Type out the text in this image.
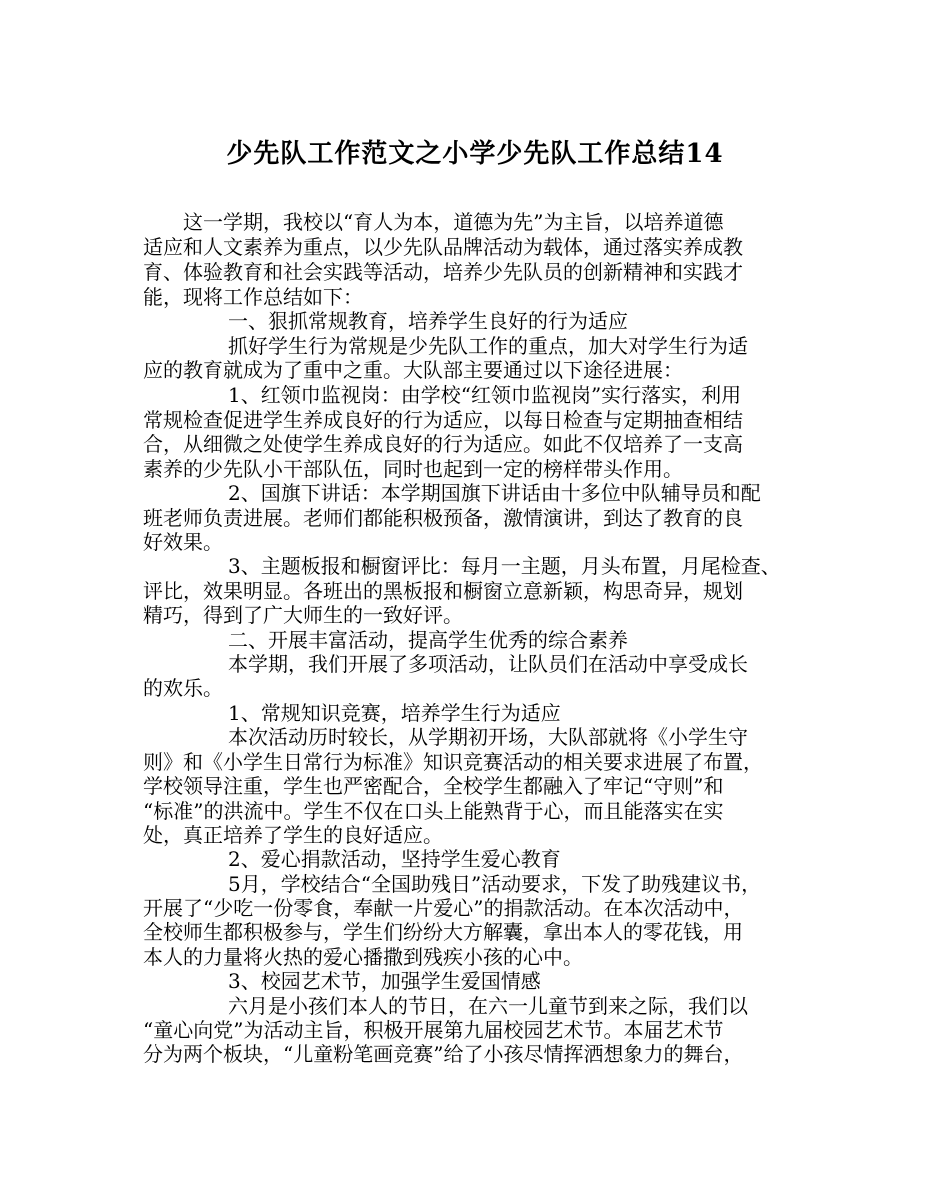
少先队工作范文之小学少先队工作总结14
这一学期，我校以“育人为本，道德为先”为主旨，以培养道德
适应和人文素养为重点，以少先队品牌活动为载体，通过落实养成教
育、体验教育和社会实践等活动，培养少先队员的创新精神和实践才
能，现将工作总结如下：
一、狠抓常规教育，培养学生良好的行为适应
抓好学生行为常规是少先队工作的重点，加大对学生行为适
应的教育就成为了重中之重。大队部主要通过以下途径进展：
1、红领巾监视岗：由学校“红领巾监视岗”实行落实，利用
常规检查促进学生养成良好的行为适应，以每日检查与定期抽查相结
合，从细微之处使学生养成良好的行为适应。如此不仅培养了一支高
素养的少先队小干部队伍，同时也起到一定的榜样带头作用。
2、国旗下讲话：本学期国旗下讲话由十多位中队辅导员和配
班老师负责进展。老师们都能积极预备，激情演讲，到达了教育的良
好效果。
3、主题板报和橱窗评比：每月一主题，月头布置，月尾检查、
评比，效果明显。各班出的黑板报和橱窗立意新颖，构思奇异，规划
精巧，得到了广大师生的一致好评。
二、开展丰富活动，提高学生优秀的综合素养
本学期，我们开展了多项活动，让队员们在活动中享受成长
的欢乐。
1、常规知识竞赛，培养学生行为适应
本次活动历时较长，从学期初开场，大队部就将《小学生守
则》和《小学生日常行为标准》知识竞赛活动的相关要求进展了布置，
学校领导注重，学生也严密配合，全校学生都融入了牢记“守则”和
“标准”的洪流中。学生不仅在口头上能熟背于心，而且能落实在实
处，真正培养了学生的良好适应。
2、爱心捐款活动，坚持学生爱心教育
5月，学校结合“全国助残日”活动要求，下发了助残建议书，
开展了“少吃一份零食，奉献一片爱心”的捐款活动。在本次活动中，
全校师生都积极参与，学生们纷纷大方解囊，拿出本人的零花钱，用
本人的力量将火热的爱心播撒到残疾小孩的心中。
3、校园艺术节，加强学生爱国情感
六月是小孩们本人的节日，在六一儿童节到来之际，我们以
“童心向党”为活动主旨，积极开展第九届校园艺术节。本届艺术节
分为两个板块，“儿童粉笔画竞赛”给了小孩尽情挥洒想象力的舞台，
